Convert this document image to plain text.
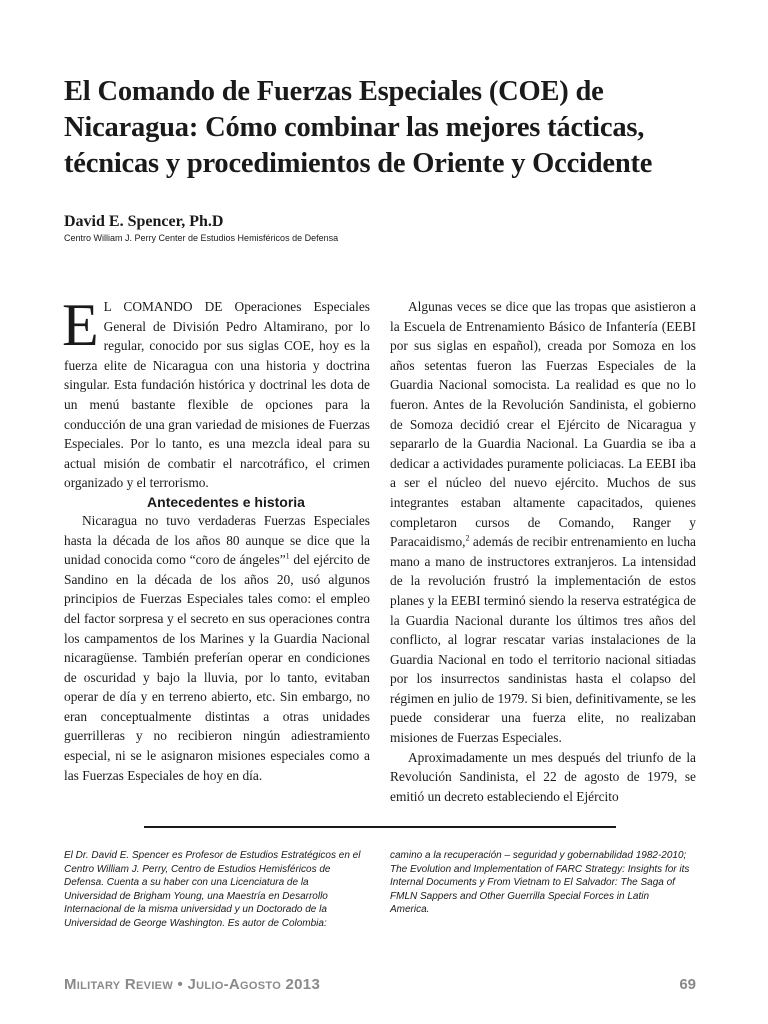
El Comando de Fuerzas Especiales (COE) de Nicaragua: Cómo combinar las mejores tácticas, técnicas y procedimientos de Oriente y Occidente

David E. Spencer, Ph.D

Centro William J. Perry Center de Estudios Hemisféricos de Defensa

E L COMANDO DE Operaciones Especiales General de División Pedro Altamirano, por lo regular, conocido por sus siglas COE, hoy es la fuerza elite de Nicaragua con una historia y doctrina singular. Esta fundación histórica y doctrinal les dota de un menú bastante flexible de opciones para la conducción de una gran variedad de misiones de Fuerzas Especiales. Por lo tanto, es una mezcla ideal para su actual misión de combatir el narcotráfico, el crimen organizado y el terrorismo.

Antecedentes e historia

Nicaragua no tuvo verdaderas Fuerzas Especiales hasta la década de los años 80 aunque se dice que la unidad conocida como “coro de ángeles”$^1$ del ejército de Sandino en la década de los años 20, usó algunos principios de Fuerzas Especiales tales como: el empleo del factor sorpresa y el secreto en sus operaciones contra los campamentos de los Marines y la Guardia Nacional nicaragüense. También preferían operar en condiciones de oscuridad y bajo la lluvia, por lo tanto, evitaban operar de día y en terreno abierto, etc. Sin embargo, no eran conceptualmente distintas a otras unidades guerrilleras y no recibieron ningún adiestramiento especial, ni se le asignaron misiones especiales como a las Fuerzas Especiales de hoy en día.

Algunas veces se dice que las tropas que asistieron a la Escuela de Entrenamiento Básico de Infantería (EEBI por sus siglas en español), creada por Somoza en los años setentas fueron las Fuerzas Especiales de la Guardia Nacional somocista. La realidad es que no lo fueron. Antes de la Revolución Sandinista, el gobierno de Somoza decidió crear el Ejército de Nicaragua y separarlo de la Guardia Nacional. La Guardia se iba a dedicar a actividades puramente policiacas. La EEBI iba a ser el núcleo del nuevo ejército. Muchos de sus integrantes estaban altamente capacitados, quienes completaron cursos de Comando, Ranger y Paracaidismo,$^2$ además de recibir entrenamiento en lucha mano a mano de instructores extranjeros. La intensidad de la revolución frustró la implementación de estos planes y la EEBI terminó siendo la reserva estratégica de la Guardia Nacional durante los últimos tres años del conflicto, al lograr rescatar varias instalaciones de la Guardia Nacional en todo el territorio nacional sitiadas por los insurrectos sandinistas hasta el colapso del régimen en julio de 1979. Si bien, definitivamente, se les puede considerar una fuerza elite, no realizaban misiones de Fuerzas Especiales.

Aproximadamente un mes después del triunfo de la Revolución Sandinista, el 22 de agosto de 1979, se emitió un decreto estableciendo el Ejército

El Dr. David E. Spencer es Profesor de Estudios Estratégicos en el Centro William J. Perry, Centro de Estudios Hemisféricos de Defensa. Cuenta a su haber con una Licenciatura de la Universidad de Brigham Young, una Maestría en Desarrollo Internacional de la misma universidad y un Doctorado de la Universidad de George Washington. Es autor de Colombia:

camino a la recuperación – seguridad y gobernabilidad 1982-2010; The Evolution and Implementation of FARC Strategy: Insights for its Internal Documents y From Vietnam to El Salvador: The Saga of FMLN Sappers and Other Guerrilla Special Forces in Latin America.

Military Review • Julio-Agosto 2013	69
